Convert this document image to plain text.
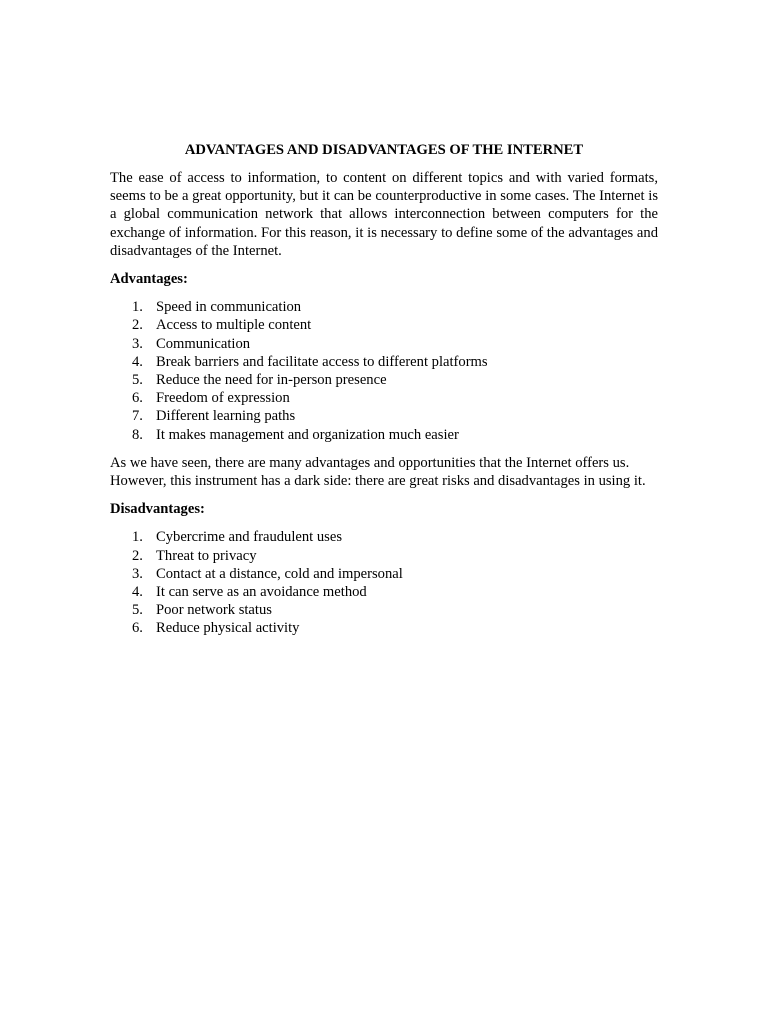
ADVANTAGES AND DISADVANTAGES OF THE INTERNET

The ease of access to information, to content on different topics and with varied formats, seems to be a great opportunity, but it can be counterproductive in some cases. The Internet is a global communication network that allows interconnection between computers for the exchange of information. For this reason, it is necessary to define some of the advantages and disadvantages of the Internet.

Advantages:
1. Speed in communication
2. Access to multiple content
3. Communication
4. Break barriers and facilitate access to different platforms
5. Reduce the need for in-person presence
6. Freedom of expression
7. Different learning paths
8. It makes management and organization much easier

As we have seen, there are many advantages and opportunities that the Internet offers us. However, this instrument has a dark side: there are great risks and disadvantages in using it.

Disadvantages:
1. Cybercrime and fraudulent uses
2. Threat to privacy
3. Contact at a distance, cold and impersonal
4. It can serve as an avoidance method
5. Poor network status
6. Reduce physical activity
